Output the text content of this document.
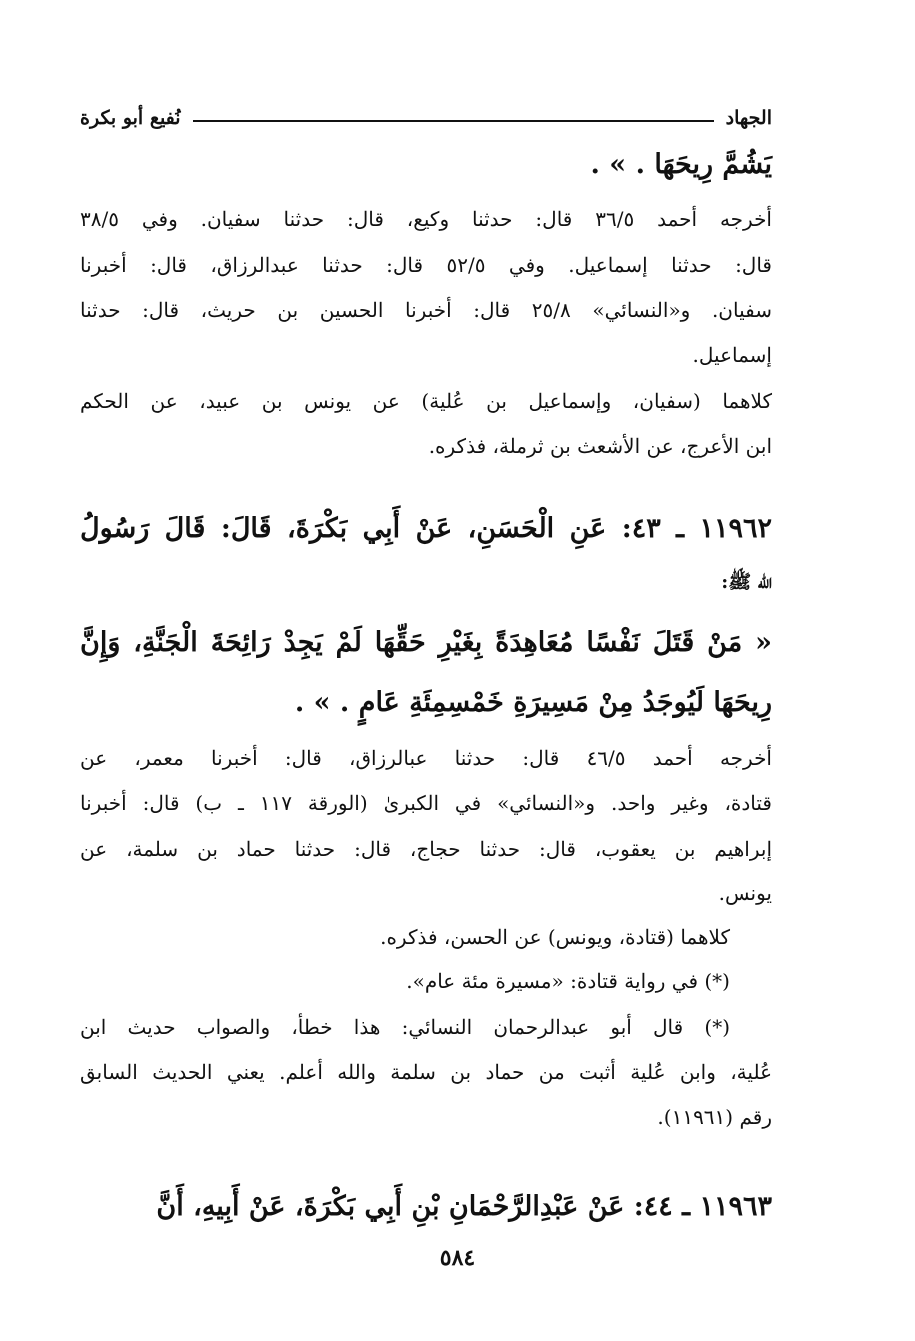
الجهاد
نُفيع أبو بكرة
يَشُمَّ رِيحَهَا . » .
أخرجه أحمد ٣٦/٥ قال: حدثنا وكيع، قال: حدثنا سفيان. وفي ٣٨/٥
قال: حدثنا إسماعيل. وفي ٥٢/٥ قال: حدثنا عبدالرزاق، قال: أخبرنا
سفيان. و«النسائي» ٢٥/٨ قال: أخبرنا الحسين بن حريث، قال: حدثنا
إسماعيل.
كلاهما (سفيان، وإسماعيل بن عُلية) عن يونس بن عبيد، عن الحكم
ابن الأعرج، عن الأشعث بن ثرملة، فذكره.
١١٩٦٢ ـ ٤٣: عَنِ الْحَسَنِ، عَنْ أَبِي بَكْرَةَ، قَالَ: قَالَ رَسُولُ
الله ﷺ:
« مَنْ قَتَلَ نَفْسًا مُعَاهِدَةً بِغَيْرِ حَقِّهَا لَمْ يَجِدْ رَائِحَةَ الْجَنَّةِ، وَإِنَّ
رِيحَهَا لَيُوجَدُ مِنْ مَسِيرَةِ خَمْسِمِئَةِ عَامٍ . » .
أخرجه أحمد ٤٦/٥ قال: حدثنا عبالرزاق، قال: أخبرنا معمر، عن
قتادة، وغير واحد. و«النسائي» في الكبرىٰ (الورقة ١١٧ ـ ب) قال: أخبرنا
إبراهيم بن يعقوب، قال: حدثنا حجاج، قال: حدثنا حماد بن سلمة، عن
يونس.
كلاهما (قتادة، ويونس) عن الحسن، فذكره.
(*) في رواية قتادة: «مسيرة مئة عام».
(*) قال أبو عبدالرحمان النسائي: هذا خطأ، والصواب حديث ابن
عُلية، وابن عُلية أثبت من حماد بن سلمة والله أعلم. يعني الحديث السابق
رقم (١١٩٦١).
١١٩٦٣ ـ ٤٤: عَنْ عَبْدِالرَّحْمَانِ بْنِ أَبِي بَكْرَةَ، عَنْ أَبِيهِ، أَنَّ
٥٨٤
